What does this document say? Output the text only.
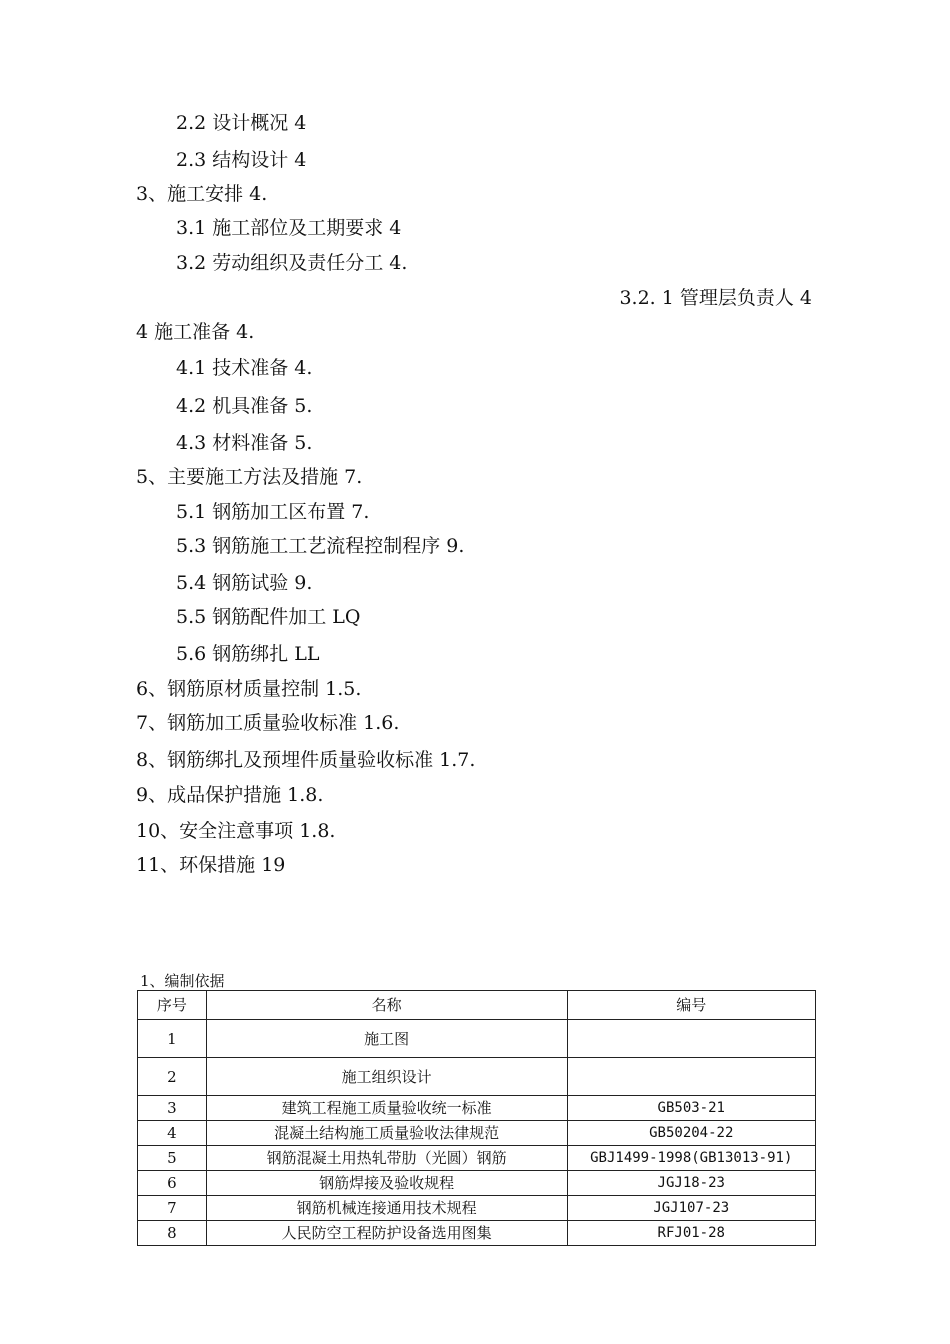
2.2 设计概况 4
2.3 结构设计 4
3、施工安排 4.
3.1 施工部位及工期要求 4
3.2 劳动组织及责任分工 4.
3.2. 1 管理层负责人 4
4 施工准备 4.
4.1 技术准备 4.
4.2 机具准备 5.
4.3 材料准备 5.
5、主要施工方法及措施 7.
5.1 钢筋加工区布置 7.
5.3 钢筋施工工艺流程控制程序 9.
5.4 钢筋试验 9.
5.5 钢筋配件加工 LQ
5.6 钢筋绑扎 LL
6、钢筋原材质量控制 1.5.
7、钢筋加工质量验收标准 1.6.
8、钢筋绑扎及预埋件质量验收标准 1.7.
9、成品保护措施 1.8.
10、安全注意事项 1.8.
11、环保措施 19
1、编制依据
序号	名称	编号
1	施工图	
2	施工组织设计	
3	建筑工程施工质量验收统一标准	GB503-21
4	混凝土结构施工质量验收法律规范	GB50204-22
5	钢筋混凝土用热轧带肋（光圆）钢筋	GBJ1499-1998(GB13013-91)
6	钢筋焊接及验收规程	JGJ18-23
7	钢筋机械连接通用技术规程	JGJ107-23
8	人民防空工程防护设备选用图集	RFJ01-28
